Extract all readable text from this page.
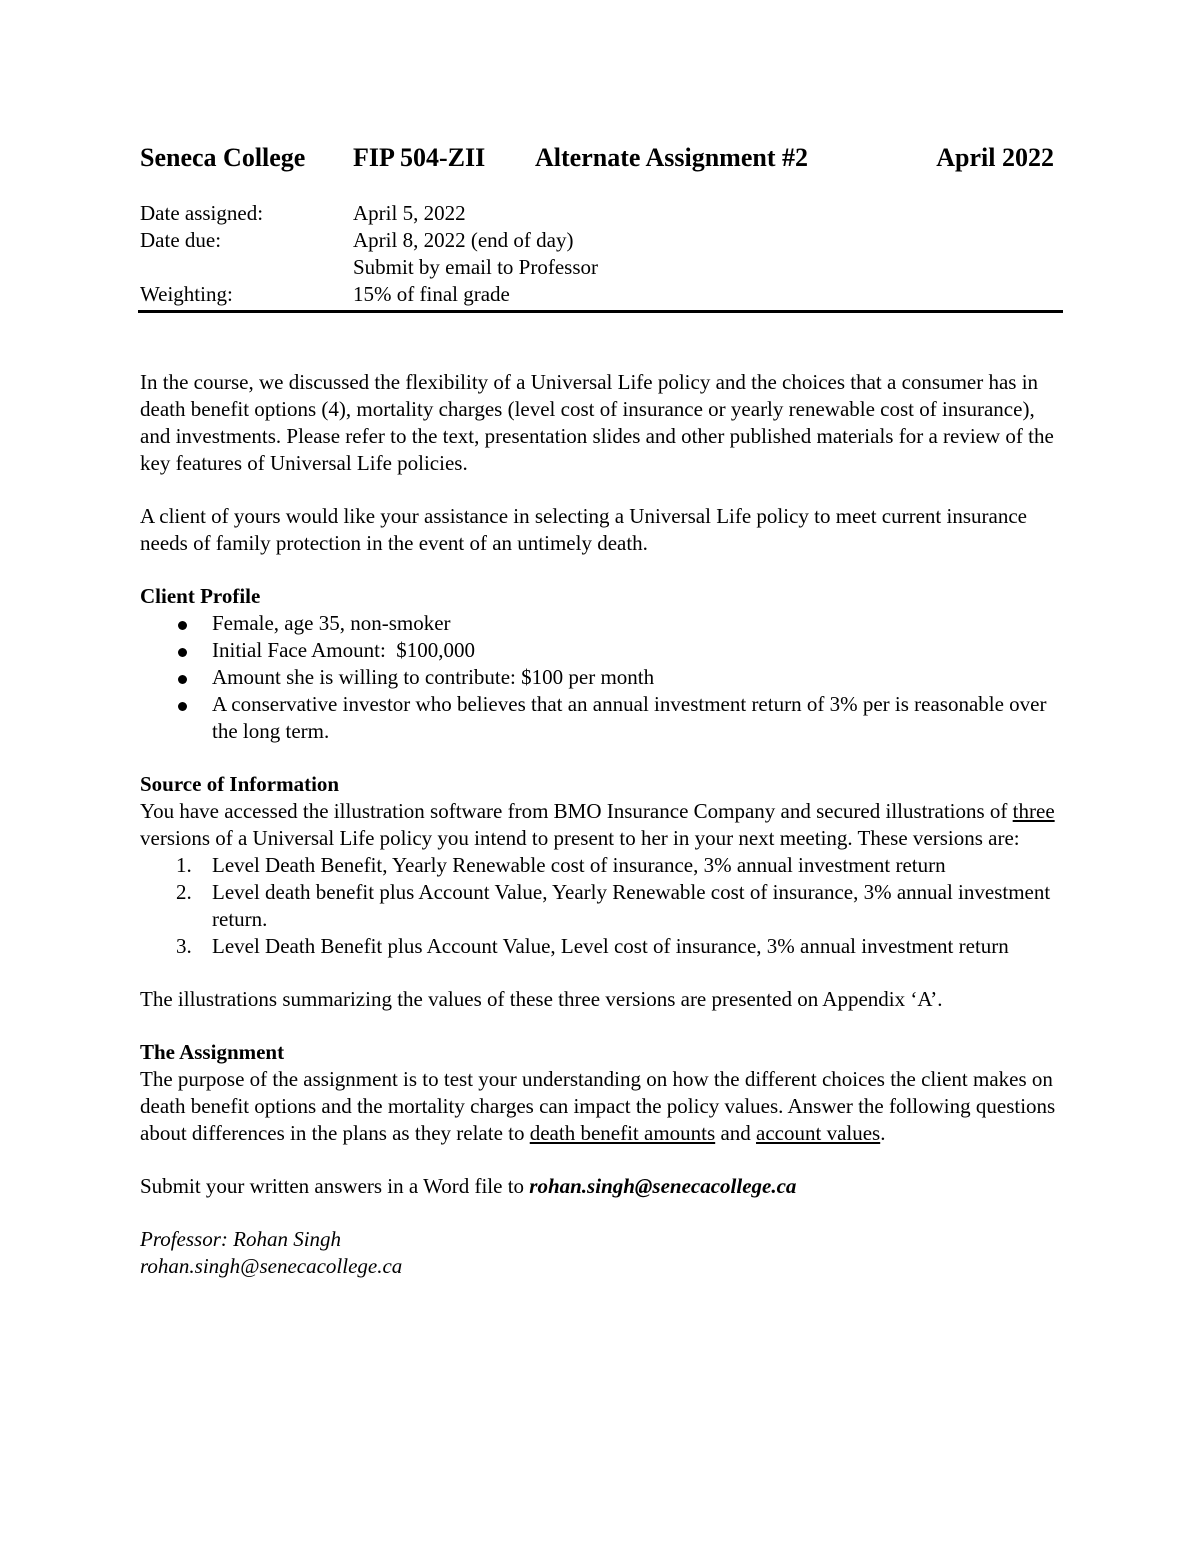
Seneca College FIP 504-ZII Alternate Assignment #2	April 2022
Date assigned:	April 5, 2022
Date due:	April 8, 2022 (end of day)
Submit by email to Professor
Weighting:	15% of final grade

In the course, we discussed the flexibility of a Universal Life policy and the choices that a consumer has in death benefit options (4), mortality charges (level cost of insurance or yearly renewable cost of insurance), and investments. Please refer to the text, presentation slides and other published materials for a review of the key features of Universal Life policies.

A client of yours would like your assistance in selecting a Universal Life policy to meet current insurance needs of family protection in the event of an untimely death.

Client Profile

Female, age 35, non-smoker
Initial Face Amount:  $100,000
Amount she is willing to contribute: $100 per month
A conservative investor who believes that an annual investment return of 3% per is reasonable over the long term.

Source of Information

You have accessed the illustration software from BMO Insurance Company and secured illustrations of three versions of a Universal Life policy you intend to present to her in your next meeting. These versions are:

1. Level Death Benefit, Yearly Renewable cost of insurance, 3% annual investment return
2. Level death benefit plus Account Value, Yearly Renewable cost of insurance, 3% annual investment return.
3. Level Death Benefit plus Account Value, Level cost of insurance, 3% annual investment return

The illustrations summarizing the values of these three versions are presented on Appendix ‘A’.

The Assignment

The purpose of the assignment is to test your understanding on how the different choices the client makes on death benefit options and the mortality charges can impact the policy values. Answer the following questions about differences in the plans as they relate to death benefit amounts and account values.

Submit your written answers in a Word file to rohan.singh@senecacollege.ca

Professor: Rohan Singh

rohan.singh@senecacollege.ca
